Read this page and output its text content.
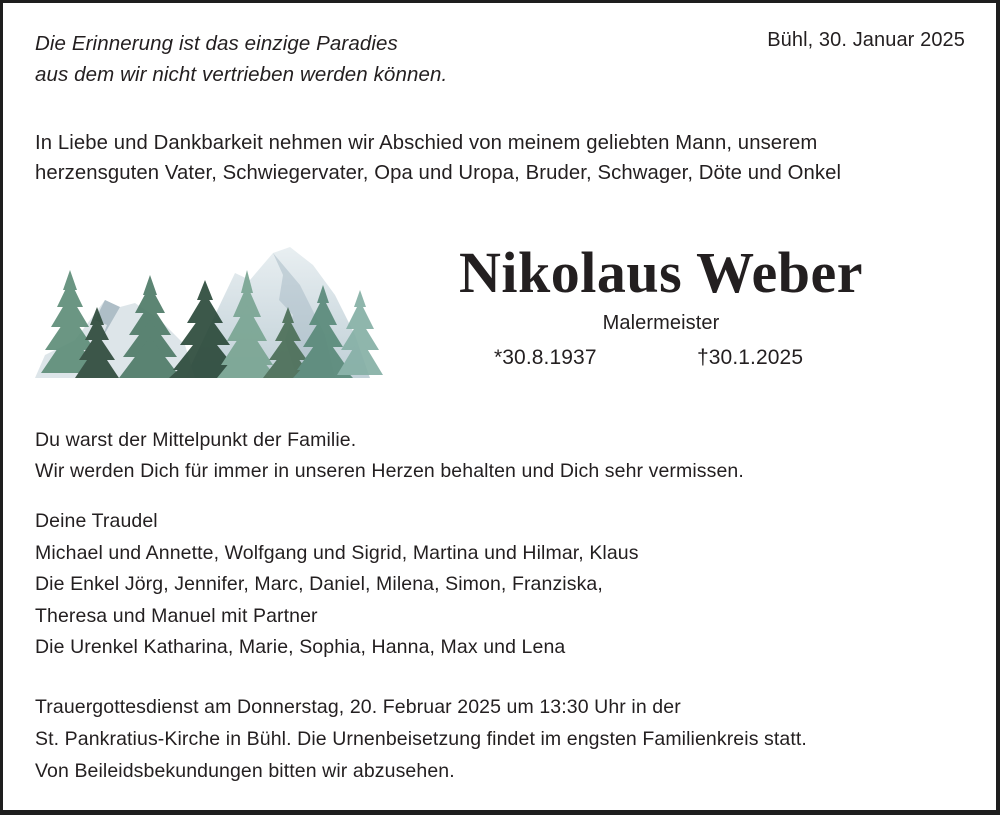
Die Erinnerung ist das einzige Paradies
aus dem wir nicht vertrieben werden können.
Bühl, 30. Januar 2025
In Liebe und Dankbarkeit nehmen wir Abschied von meinem geliebten Mann, unserem
herzensguten Vater, Schwiegervater, Opa und Uropa, Bruder, Schwager, Döte und Onkel
Nikolaus Weber
Malermeister
*30.8.1937	†30.1.2025
Du warst der Mittelpunkt der Familie.
Wir werden Dich für immer in unseren Herzen behalten und Dich sehr vermissen.
Deine Traudel
Michael und Annette, Wolfgang und Sigrid, Martina und Hilmar, Klaus
Die Enkel Jörg, Jennifer, Marc, Daniel, Milena, Simon, Franziska,
Theresa und Manuel mit Partner
Die Urenkel Katharina, Marie, Sophia, Hanna, Max und Lena
Trauergottesdienst am Donnerstag, 20. Februar 2025 um 13:30 Uhr in der
St. Pankratius-Kirche in Bühl. Die Urnenbeisetzung findet im engsten Familienkreis statt.
Von Beileidsbekundungen bitten wir abzusehen.
